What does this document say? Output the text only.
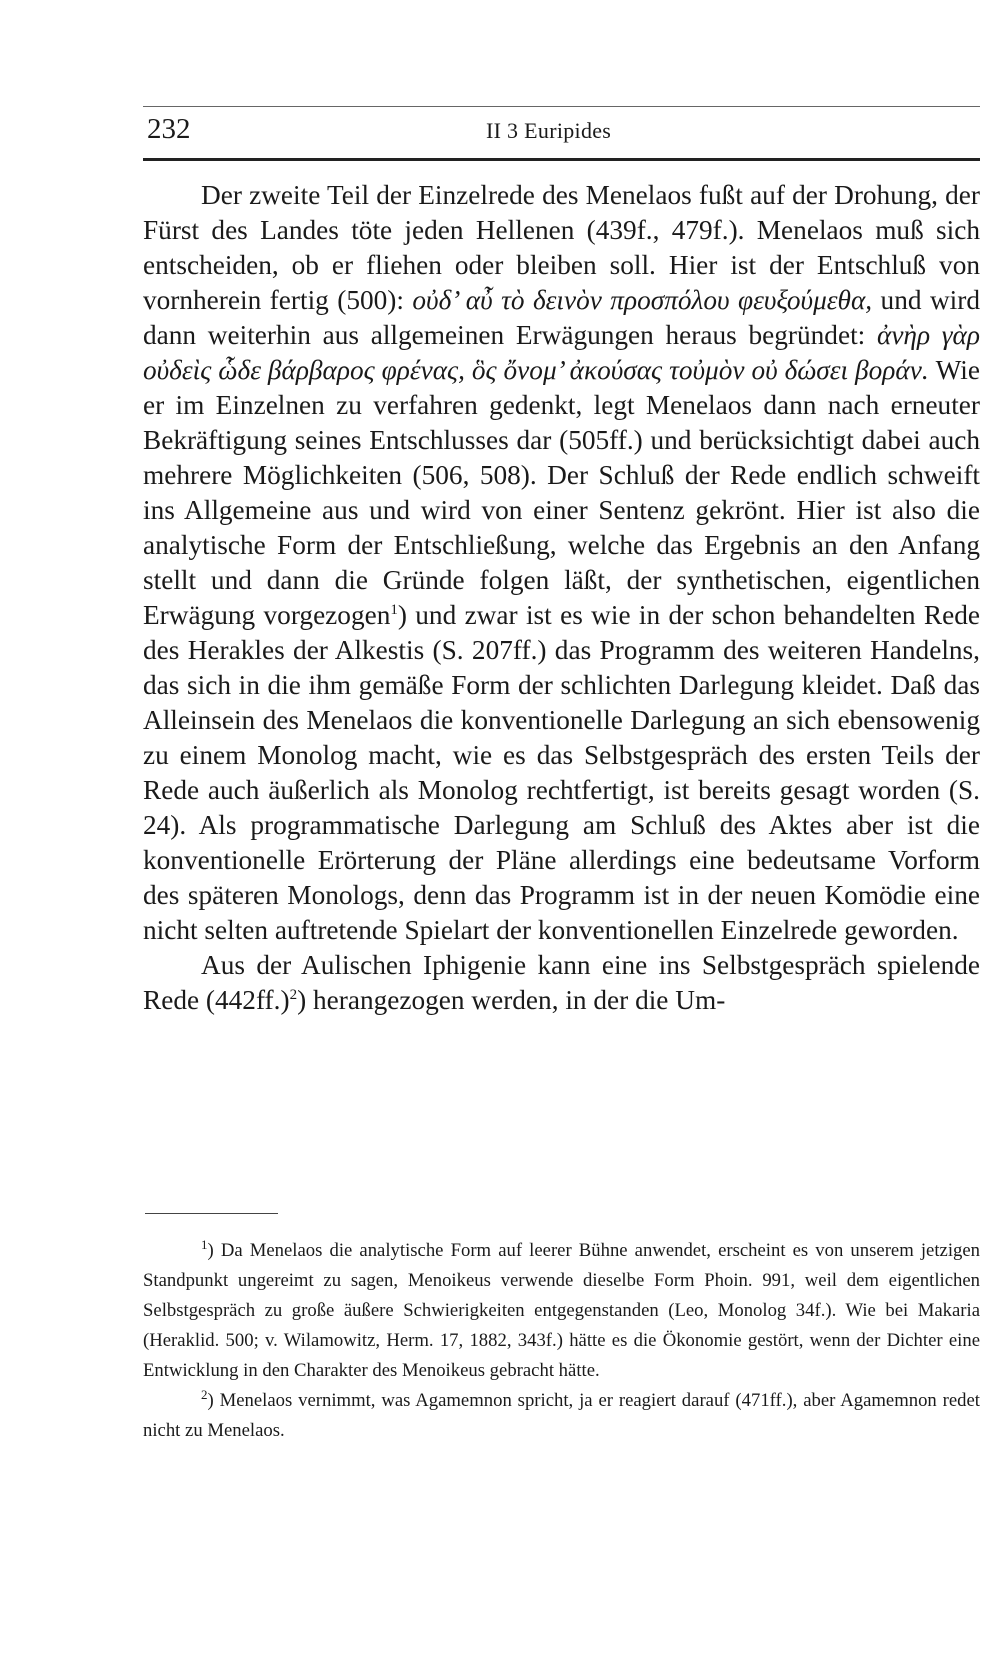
232	II 3 Euripides

Der zweite Teil der Einzelrede des Menelaos fußt auf der Drohung, der Fürst des Landes töte jeden Hellenen (439f., 479f.). Menelaos muß sich entscheiden, ob er fliehen oder bleiben soll. Hier ist der Entschluß von vornherein fertig (500): οὐδ’ αὖ τὸ δεινὸν προσπόλου φευξούμεθα, und wird dann weiterhin aus allgemeinen Erwägungen heraus begründet: ἀνὴρ γὰρ οὐδεὶς ὧδε βάρβαρος φρένας, ὃς ὄνομ’ ἀκούσας τοὐμὸν οὐ δώσει βοράν. Wie er im Einzelnen zu verfahren gedenkt, legt Menelaos dann nach erneuter Bekräftigung seines Entschlusses dar (505ff.) und berücksichtigt dabei auch mehrere Möglichkeiten (506, 508). Der Schluß der Rede endlich schweift ins Allgemeine aus und wird von einer Sentenz gekrönt. Hier ist also die analytische Form der Entschließung, welche das Ergebnis an den Anfang stellt und dann die Gründe folgen läßt, der synthetischen, eigentlichen Erwägung vorgezogen$^1$) und zwar ist es wie in der schon behandelten Rede des Herakles der Alkestis (S. 207ff.) das Programm des weiteren Handelns, das sich in die ihm gemäße Form der schlichten Darlegung kleidet. Daß das Alleinsein des Menelaos die konventionelle Darlegung an sich ebensowenig zu einem Monolog macht, wie es das Selbstgespräch des ersten Teils der Rede auch äußerlich als Monolog rechtfertigt, ist bereits gesagt worden (S. 24). Als programmatische Darlegung am Schluß des Aktes aber ist die konventionelle Erörterung der Pläne allerdings eine bedeutsame Vorform des späteren Monologs, denn das Programm ist in der neuen Komödie eine nicht selten auftretende Spielart der konventionellen Einzelrede geworden.

Aus der Aulischen Iphigenie kann eine ins Selbstgespräch spielende Rede $(442ff.)^2$) herangezogen werden, in der die Um-

$^1$) Da Menelaos die analytische Form auf leerer Bühne anwendet, erscheint es von unserem jetzigen Standpunkt ungereimt zu sagen, Menoikeus verwende dieselbe Form Phoin. 991, weil dem eigentlichen Selbstgespräch zu große äußere Schwierigkeiten entgegenstanden (Leo, Monolog 34f.). Wie bei Makaria (Heraklid. 500; v. Wilamowitz, Herm. 17, 1882, 343f.) hätte es die Ökonomie gestört, wenn der Dichter eine Entwicklung in den Charakter des Menoikeus gebracht hätte.

$^2$) Menelaos vernimmt, was Agamemnon spricht, ja er reagiert darauf (471ff.), aber Agamemnon redet nicht zu Menelaos.
